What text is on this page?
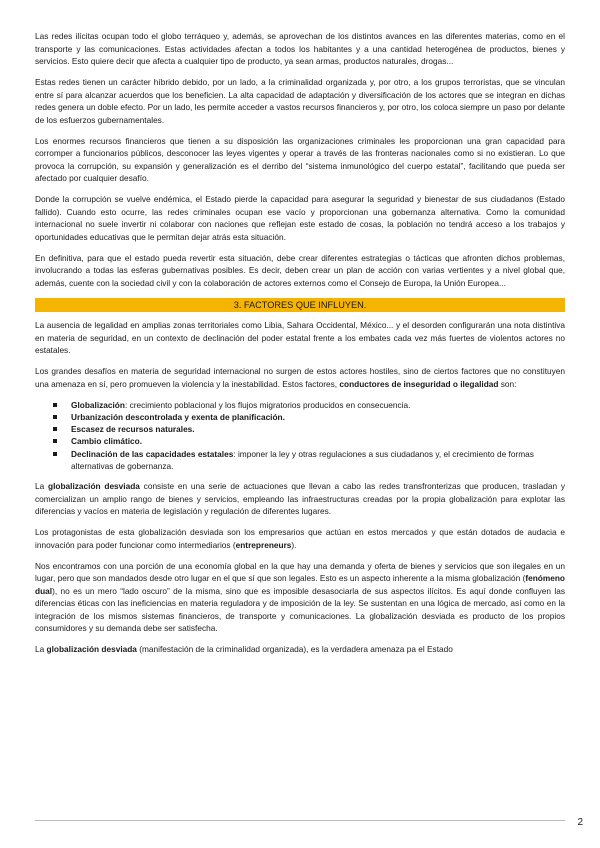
Las redes ilícitas ocupan todo el globo terráqueo y, además, se aprovechan de los distintos avances en las diferentes materias, como en el transporte y las comunicaciones. Estas actividades afectan a todos los habitantes y a una cantidad heterogénea de productos, bienes y servicios. Esto quiere decir que afecta a cualquier tipo de producto, ya sean armas, productos naturales, drogas...

Estas redes tienen un carácter híbrido debido, por un lado, a la criminalidad organizada y, por otro, a los grupos terroristas, que se vinculan entre sí para alcanzar acuerdos que los beneficien. La alta capacidad de adaptación y diversificación de los actores que se integran en dichas redes genera un doble efecto. Por un lado, les permite acceder a vastos recursos financieros y, por otro, los coloca siempre un paso por delante de los esfuerzos gubernamentales.

Los enormes recursos financieros que tienen a su disposición las organizaciones criminales les proporcionan una gran capacidad para corromper a funcionarios públicos, desconocer las leyes vigentes y operar a través de las fronteras nacionales como si no existieran. Lo que provoca la corrupción, su expansión y generalización es el derribo del “sistema inmunológico del cuerpo estatal”, facilitando que pueda ser afectado por cualquier desafío.

Donde la corrupción se vuelve endémica, el Estado pierde la capacidad para asegurar la seguridad y bienestar de sus ciudadanos (Estado fallido). Cuando esto ocurre, las redes criminales ocupan ese vacío y proporcionan una gobernanza alternativa. Como la comunidad internacional no suele invertir ni colaborar con naciones que reflejan este estado de cosas, la población no tendrá acceso a los trabajos y oportunidades educativas que le permitan dejar atrás esta situación.

En definitiva, para que el estado pueda revertir esta situación, debe crear diferentes estrategias o tácticas que afronten dichos problemas, involucrando a todas las esferas gubernativas posibles. Es decir, deben crear un plan de acción con varias vertientes y a nivel global que, además, cuente con la sociedad civil y con la colaboración de actores externos como el Consejo de Europa, la Unión Europea...

3. FACTORES QUE INFLUYEN.

La ausencia de legalidad en amplias zonas territoriales como Libia, Sahara Occidental, México... y el desorden configurarán una nota distintiva en materia de seguridad, en un contexto de declinación del poder estatal frente a los embates cada vez más fuertes de violentos actores no estatales.

Los grandes desafíos en materia de seguridad internacional no surgen de estos actores hostiles, sino de ciertos factores que no constituyen una amenaza en sí, pero promueven la violencia y la inestabilidad. Estos factores, conductores de inseguridad o ilegalidad son:

Globalización: crecimiento poblacional y los flujos migratorios producidos en consecuencia.
Urbanización descontrolada y exenta de planificación.
Escasez de recursos naturales.
Cambio climático.
Declinación de las capacidades estatales: imponer la ley y otras regulaciones a sus ciudadanos y, el crecimiento de formas alternativas de gobernanza.

La globalización desviada consiste en una serie de actuaciones que llevan a cabo las redes transfronterizas que producen, trasladan y comercializan un amplio rango de bienes y servicios, empleando las infraestructuras creadas por la propia globalización para explotar las diferencias y vacíos en materia de legislación y regulación de diferentes lugares.

Los protagonistas de esta globalización desviada son los empresarios que actúan en estos mercados y que están dotados de audacia e innovación para poder funcionar como intermediarios (entrepreneurs).

Nos encontramos con una porción de una economía global en la que hay una demanda y oferta de bienes y servicios que son ilegales en un lugar, pero que son mandados desde otro lugar en el que sí que son legales. Esto es un aspecto inherente a la misma globalización (fenómeno dual), no es un mero “lado oscuro” de la misma, sino que es imposible desasociarla de sus aspectos ilícitos. Es aquí donde confluyen las diferencias éticas con las ineficiencias en materia reguladora y de imposición de la ley. Se sustentan en una lógica de mercado, así como en la integración de los mismos sistemas financieros, de transporte y comunicaciones. La globalización desviada es producto de los propios consumidores y su demanda debe ser satisfecha.

La globalización desviada (manifestación de la criminalidad organizada), es la verdadera amenaza pa el Estado

2
